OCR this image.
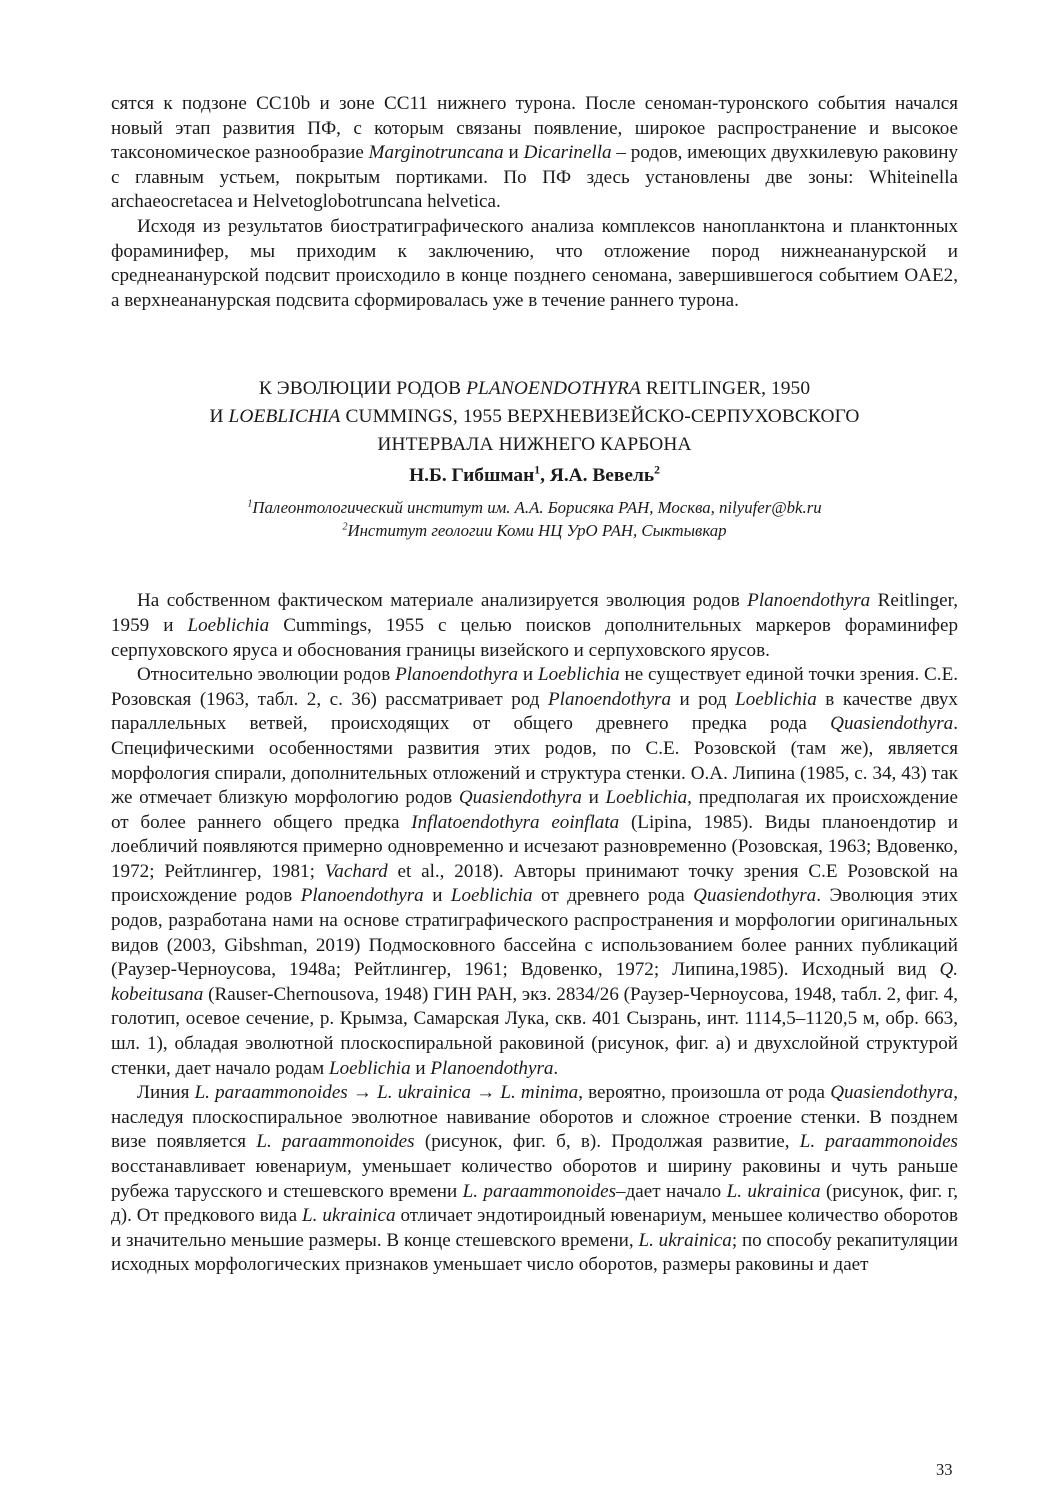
сятся к подзоне CC10b и зоне CC11 нижнего турона. После сеноман-туронского события начался новый этап развития ПФ, с которым связаны появление, широкое распространение и высокое таксономическое разнообразие Marginotruncana и Dicarinella – родов, имеющих двухкилевую раковину с главным устьем, покрытым портиками. По ПФ здесь установлены две зоны: Whiteinella archaeocretacea и Helvetoglobotruncana helvetica.

Исходя из результатов биостратиграфического анализа комплексов нанопланктона и планктонных фораминифер, мы приходим к заключению, что отложение пород нижнеананурской и среднеананурской подсвит происходило в конце позднего сеномана, завершившегося событием OAE2, а верхнеананурская подсвита сформировалась уже в течение раннего турона.

К ЭВОЛЮЦИИ РОДОВ PLANOENDOTHYRA REITLINGER, 1950
И LOEBLICHIA CUMMINGS, 1955 ВЕРХНЕВИЗЕЙСКО-СЕРПУХОВСКОГО
ИНТЕРВАЛА НИЖНЕГО КАРБОНА
Н.Б. Гибшман$^1$, Я.А. Вевель$^2$
$^1$Палеонтологический институт им. А.А. Борисяка РАН, Москва, nilyufer@bk.ru
$^2$Институт геологии Коми НЦ УрО РАН, Сыктывкар

На собственном фактическом материале анализируется эволюция родов Planoendothyra Reitlinger, 1959 и Loeblichia Cummings, 1955 с целью поисков дополнительных маркеров фораминифер серпуховского яруса и обоснования границы визейского и серпуховского ярусов.

Относительно эволюции родов Planoendothyra и Loeblichia не существует единой точки зрения. С.Е. Розовская (1963, табл. 2, с. 36) рассматривает род Planoendothyra и род Loeblichia в качестве двух параллельных ветвей, происходящих от общего древнего предка рода Quasiendothyra. Специфическими особенностями развития этих родов, по С.Е. Розовской (там же), является морфология спирали, дополнительных отложений и структура стенки. О.А. Липина (1985, с. 34, 43) так же отмечает близкую морфологию родов Quasiendothyra и Loeblichia, предполагая их происхождение от более раннего общего предка Inflatoendothyra eoinflata (Lipina, 1985). Виды планоендотир и лоебличий появляются примерно одновременно и исчезают разновременно (Розовская, 1963; Вдовенко, 1972; Рейтлингер, 1981; Vachard et al., 2018). Авторы принимают точку зрения С.Е Розовской на происхождение родов Planoendothyra и Loeblichia от древнего рода Quasiendothyra. Эволюция этих родов, разработана нами на основе стратиграфического распространения и морфологии оригинальных видов (2003, Gibshman, 2019) Подмосковного бассейна с использованием более ранних публикаций (Раузер-Черноусова, 1948а; Рейтлингер, 1961; Вдовенко, 1972; Липина,1985). Исходный вид Q. kobeitusana (Rauser-Chernousova, 1948) ГИН РАН, экз. 2834/26 (Раузер-Черноусова, 1948, табл. 2, фиг. 4, голотип, осевое сечение, р. Крымза, Самарская Лука, скв. 401 Сызрань, инт. 1114,5–1120,5 м, обр. 663, шл. 1), обладая эволютной плоскоспиральной раковиной (рисунок, фиг. а) и двухслойной структурой стенки, дает начало родам Loeblichia и Planoendothyra.

Линия L. paraammonoides → L. ukrainica → L. minima, вероятно, произошла от рода Quasiendothyra, наследуя плоскоспиральное эволютное навивание оборотов и сложное строение стенки. В позднем визе появляется L. paraammonoides (рисунок, фиг. б, в). Продолжая развитие, L. paraammonoides восстанавливает ювенариум, уменьшает количество оборотов и ширину раковины и чуть раньше рубежа тарусского и стешевского времени L. paraammonoides–дает начало L. ukrainica (рисунок, фиг. г, д). От предкового вида L. ukrainica отличает эндотироидный ювенариум, меньшее количество оборотов и значительно меньшие размеры. В конце стешевского времени, L. ukrainica; по способу рекапитуляции исходных морфологических признаков уменьшает число оборотов, размеры раковины и дает

33
